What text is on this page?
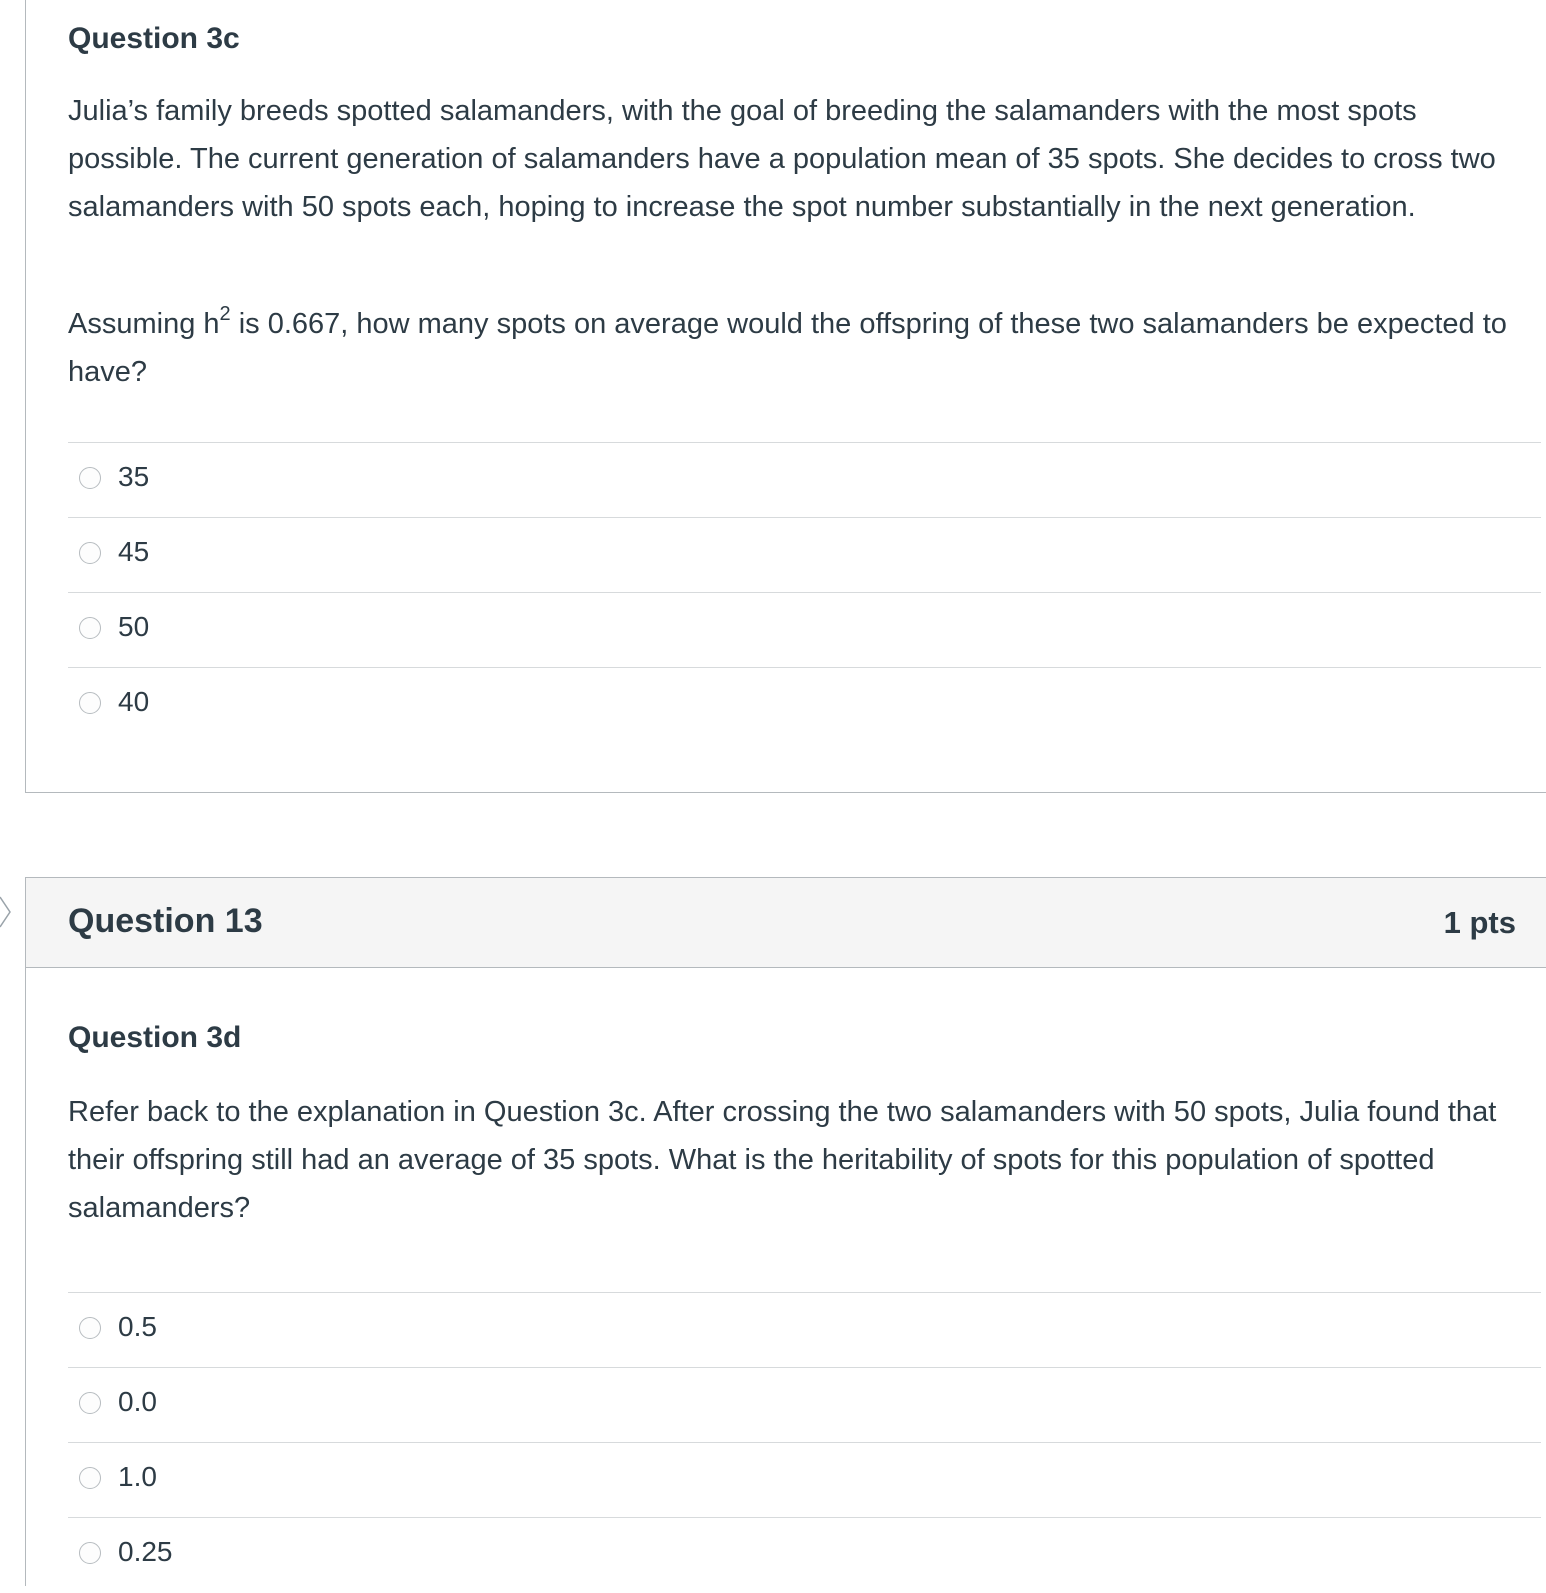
Question 3c

Julia’s family breeds spotted salamanders, with the goal of breeding the salamanders with the most spots possible. The current generation of salamanders have a population mean of 35 spots. She decides to cross two salamanders with 50 spots each, hoping to increase the spot number substantially in the next generation.

Assuming $h^2$ is 0.667, how many spots on average would the offspring of these two salamanders be expected to have?

35
45
50
40
Question 13	1 pts
Question 3d

Refer back to the explanation in Question 3c. After crossing the two salamanders with 50 spots, Julia found that their offspring still had an average of 35 spots. What is the heritability of spots for this population of spotted salamanders?

0.5
0.0
1.0
0.25
